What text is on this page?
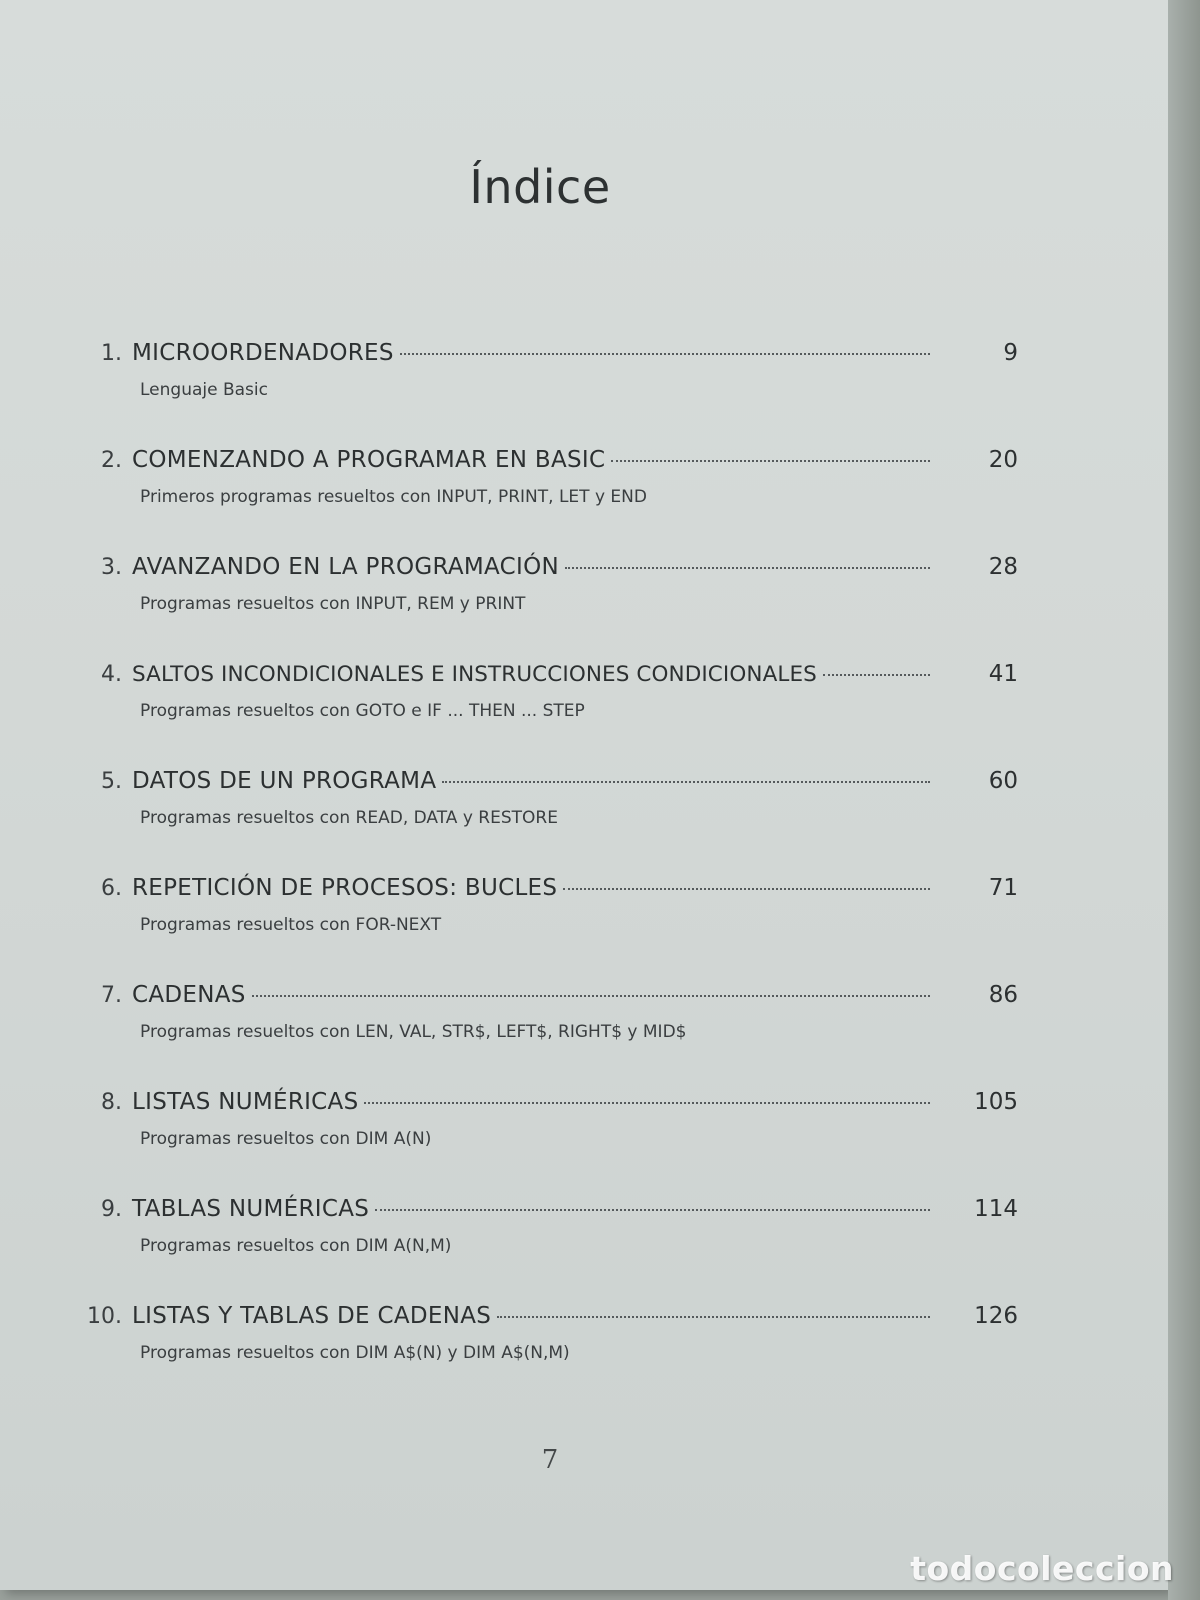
Índice
1. MICROORDENADORES	9
Lenguaje Basic
2. COMENZANDO A PROGRAMAR EN BASIC	20
Primeros programas resueltos con INPUT, PRINT, LET y END
3. AVANZANDO EN LA PROGRAMACIÓN	28
Programas resueltos con INPUT, REM y PRINT
4. SALTOS INCONDICIONALES E INSTRUCCIONES CONDICIONALES	41
Programas resueltos con GOTO e IF ... THEN ... STEP
5. DATOS DE UN PROGRAMA	60
Programas resueltos con READ, DATA y RESTORE
6. REPETICIÓN DE PROCESOS: BUCLES	71
Programas resueltos con FOR-NEXT
7. CADENAS	86
Programas resueltos con LEN, VAL, STR$, LEFT$, RIGHT$ y MID$
8. LISTAS NUMÉRICAS	105
Programas resueltos con DIM A(N)
9. TABLAS NUMÉRICAS	114
Programas resueltos con DIM A(N,M)
10. LISTAS Y TABLAS DE CADENAS	126
Programas resueltos con DIM A$(N) y DIM A$(N,M)
7
todocoleccion
